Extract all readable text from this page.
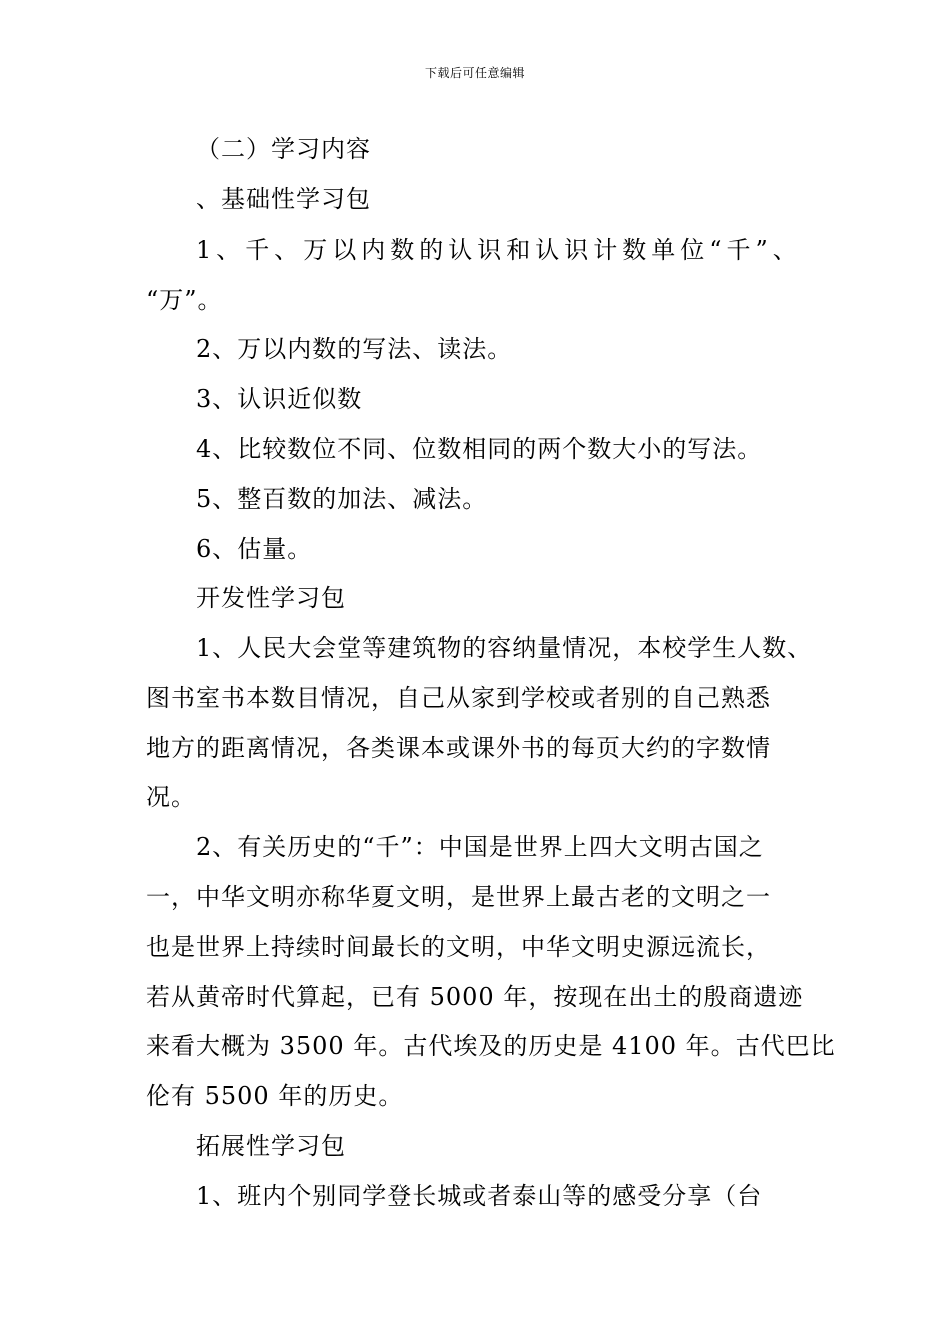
下载后可任意编辑
（二）学习内容
、基础性学习包
1、千、万以内数的认识和认识计数单位“千”、
“万”。
2、万以内数的写法、读法。
3、认识近似数
4、比较数位不同、位数相同的两个数大小的写法。
5、整百数的加法、减法。
6、估量。
开发性学习包
1、人民大会堂等建筑物的容纳量情况，本校学生人数、
图书室书本数目情况，自己从家到学校或者别的自己熟悉
地方的距离情况，各类课本或课外书的每页大约的字数情
况。
2、有关历史的“千”：中国是世界上四大文明古国之
一，中华文明亦称华夏文明，是世界上最古老的文明之一
也是世界上持续时间最长的文明，中华文明史源远流长，
若从黄帝时代算起，已有 5000 年，按现在出土的殷商遗迹
来看大概为 3500 年。古代埃及的历史是 4100 年。古代巴比
伦有 5500 年的历史。
拓展性学习包
1、班内个别同学登长城或者泰山等的感受分享（台
